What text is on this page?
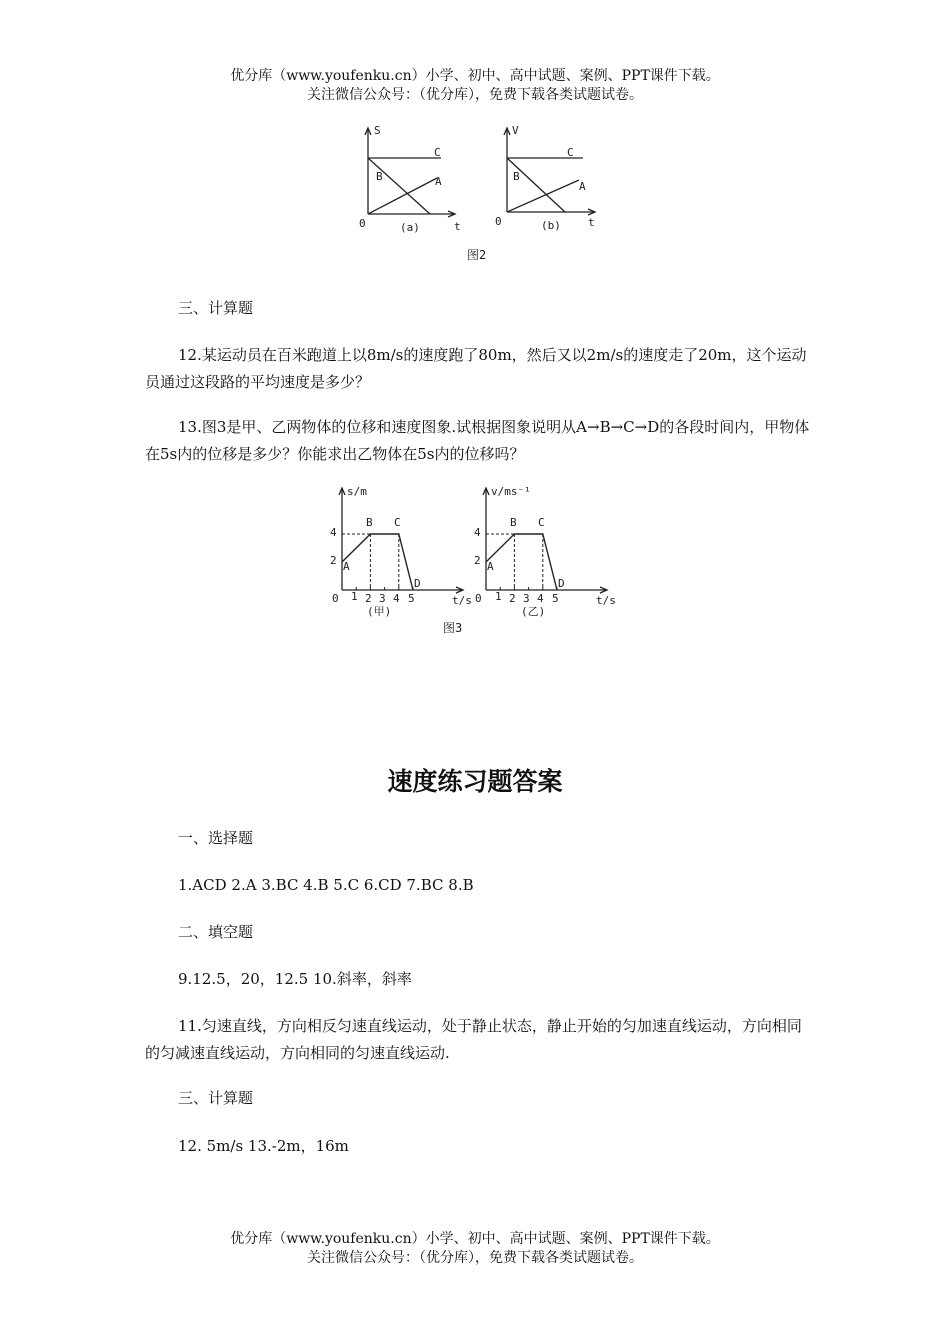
优分库（www.youfenku.cn）小学、初中、高中试题、案例、PPT课件下载。
关注微信公众号：（优分库），免费下载各类试题试卷。
S
t
0	(a)
C
B	A
V
t
0	(b)
C
B
A
图2
三、计算题
12.某运动员在百米跑道上以8m/s的速度跑了80m，然后又以2m/s的速度走了20m，这个运动员通过这段路的平均速度是多少？
13.图3是甲、乙两物体的位移和速度图象.试根据图象说明从A→B→C→D的各段时间内，甲物体在5s内的位移是多少？你能求出乙物体在5s内的位移吗？
s/m
t/s
4
2
0 1 2 3 4 5
A
B C
D
(甲)
v/ms⁻¹
t/s
4
2
0 1 2 3 4 5
A
B C
D
(乙)
图3
速度练习题答案
一、选择题
1.ACD 2.A 3.BC 4.B 5.C 6.CD 7.BC 8.B
二、填空题
9.12.5，20，12.5 10.斜率，斜率
11.匀速直线，方向相反匀速直线运动，处于静止状态，静止开始的匀加速直线运动，方向相同的匀减速直线运动，方向相同的匀速直线运动.
三、计算题
12. 5m/s 13.-2m，16m
优分库（www.youfenku.cn）小学、初中、高中试题、案例、PPT课件下载。
关注微信公众号：（优分库），免费下载各类试题试卷。
